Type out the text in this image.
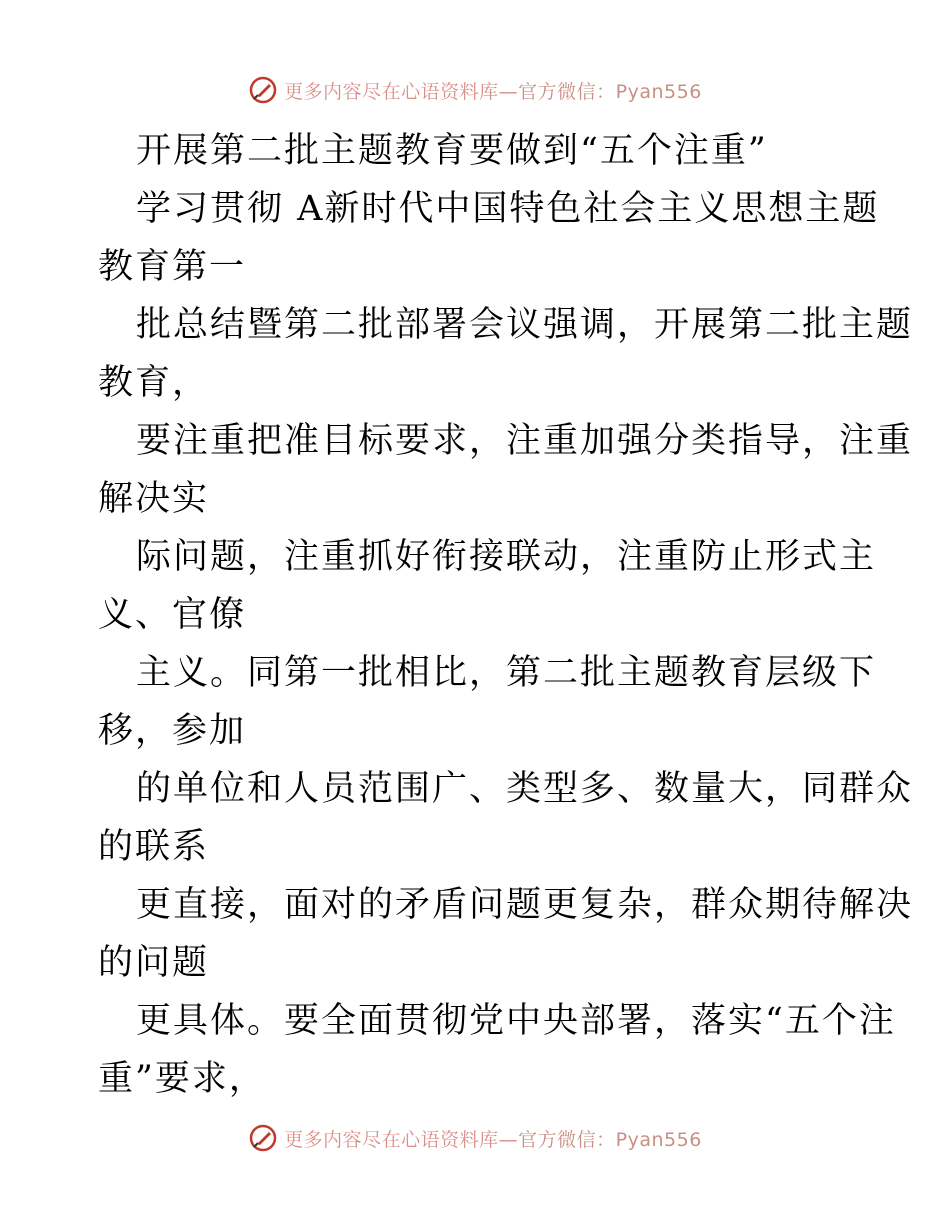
更多内容尽在心语资料库—官方微信：Pyan556
开展第二批主题教育要做到“五个注重”
学习贯彻 A新时代中国特色社会主义思想主题
教育第一
批总结暨第二批部署会议强调，开展第二批主题
教育，
要注重把准目标要求，注重加强分类指导，注重
解决实
际问题，注重抓好衔接联动，注重防止形式主
义、官僚
主义。同第一批相比，第二批主题教育层级下
移，参加
的单位和人员范围广、类型多、数量大，同群众
的联系
更直接，面对的矛盾问题更复杂，群众期待解决
的问题
更具体。要全面贯彻党中央部署，落实“五个注
重”要求，
更多内容尽在心语资料库—官方微信：Pyan556
